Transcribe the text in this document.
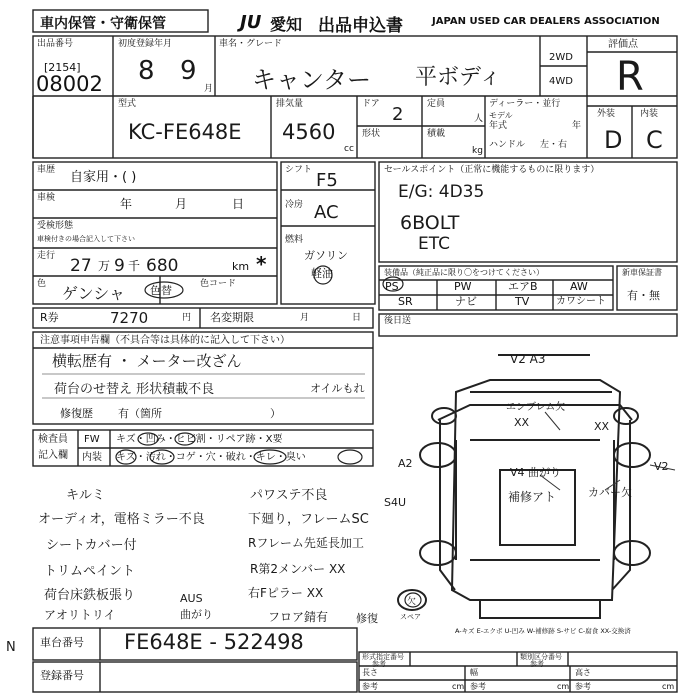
車内保管・守衛保管	JU 愛知 出品申込書	JAPAN USED CAR DEALERS ASSOCIATION
出品番号
[2154]
08002
初度登録年月
8 9
月
車名・グレード
キャンター 平ボディ
2WD
4WD
評価点
R
型式
KC-FE648E
排気量
4560
cc
ドア 2
形状
定員
人
積載
kg
ディーラー・並行
モデル
年式	年
ハンドル 左・右
外装	内装
D C
車歴 自家用・( )
車検	年	月	日
受検形態
車検付きの場合記入して下さい
走行 27 万 9 千 680	km *
色 ゲンシャ 色替	色コード
シフト F5
冷房 AC
燃料
ガソリン
軽油
セールスポイント（正常に機能するものに限ります）
E/G: 4D35
6BOLT
ETC
装備品（純正品に限り〇をつけてください）
PS	PW	エアB	AW
SR	ナビ	TV	カワシート
新車保証書
有・無
R券	7270	円 名変期限	月	日	後日送
注意事項申告欄（不具合等は具体的に記入して下さい）
横転歴有 ・ メーター改ざん
荷台のせ替え 形状積載不良	オイルもれ
修復歴 有（箇所	）
検査員
記入欄
FW キズ・凹み・ヒビ割・リペア跡・X要
内装 キズ・汚れ・コゲ・穴・破れ・キレ・臭い
キルミ
オーディオ，電格ミラー不良
シートカバー付
トリムペイント
荷台床鉄板張り	AUS
アオリトリイ	曲がり
パワステ不良
下廻り，フレームSC
Rフレーム先延長加工
R第2メンバー XX
右Fピラー XX
フロア錆有	修復
V2 A3
エンブレム欠
XX	XX
V4 曲がり
補修アト	カバー欠
A2
S4U
V2
欠
スペア
A-キズ E-エクボ U-凹み W-補修跡 S-サビ C-腐食 XX-交換済
車台番号 FE648E - 522498
登録番号
N
形式指定番号
参考
類別区分番号
参考
長さ
参考	cm
幅
参考	cm
高さ
参考	cm
